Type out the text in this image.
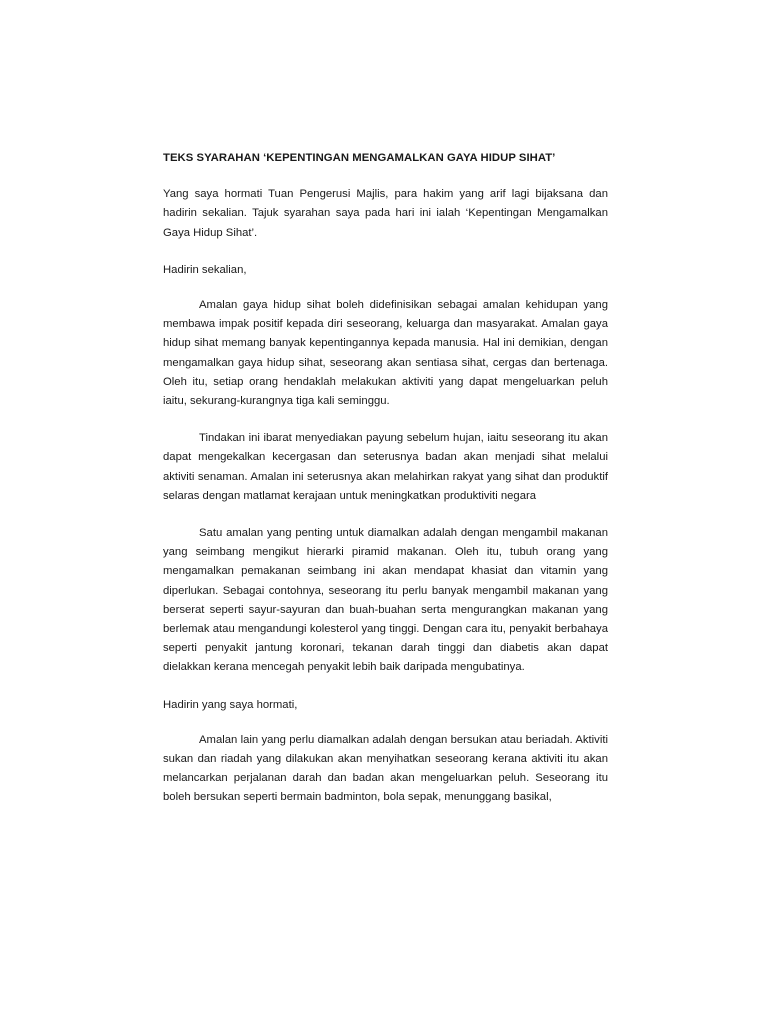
TEKS SYARAHAN ‘KEPENTINGAN MENGAMALKAN GAYA HIDUP SIHAT’

Yang saya hormati Tuan Pengerusi Majlis, para hakim yang arif lagi bijaksana dan hadirin sekalian. Tajuk syarahan saya pada hari ini ialah ‘Kepentingan Mengamalkan Gaya Hidup Sihat’.

Hadirin sekalian,

Amalan gaya hidup sihat boleh didefinisikan sebagai amalan kehidupan yang membawa impak positif kepada diri seseorang, keluarga dan masyarakat. Amalan gaya hidup sihat memang banyak kepentingannya kepada manusia. Hal ini demikian, dengan mengamalkan gaya hidup sihat, seseorang akan sentiasa sihat, cergas dan bertenaga. Oleh itu, setiap orang hendaklah melakukan aktiviti yang dapat mengeluarkan peluh iaitu, sekurang-kurangnya tiga kali seminggu.

Tindakan ini ibarat menyediakan payung sebelum hujan, iaitu seseorang itu akan dapat mengekalkan kecergasan dan seterusnya badan akan menjadi sihat melalui aktiviti senaman. Amalan ini seterusnya akan melahirkan rakyat yang sihat dan produktif selaras dengan matlamat kerajaan untuk meningkatkan produktiviti negara

Satu amalan yang penting untuk diamalkan adalah dengan mengambil makanan yang seimbang mengikut hierarki piramid makanan. Oleh itu, tubuh orang yang mengamalkan pemakanan seimbang ini akan mendapat khasiat dan vitamin yang diperlukan. Sebagai contohnya, seseorang itu perlu banyak mengambil makanan yang berserat seperti sayur-sayuran dan buah-buahan serta mengurangkan makanan yang berlemak atau mengandungi kolesterol yang tinggi. Dengan cara itu, penyakit berbahaya seperti penyakit jantung koronari, tekanan darah tinggi dan diabetis akan dapat dielakkan kerana mencegah penyakit lebih baik daripada mengubatinya.

Hadirin yang saya hormati,

Amalan lain yang perlu diamalkan adalah dengan bersukan atau beriadah. Aktiviti sukan dan riadah yang dilakukan akan menyihatkan seseorang kerana aktiviti itu akan melancarkan perjalanan darah dan badan akan mengeluarkan peluh. Seseorang itu boleh bersukan seperti bermain badminton, bola sepak, menunggang basikal,
